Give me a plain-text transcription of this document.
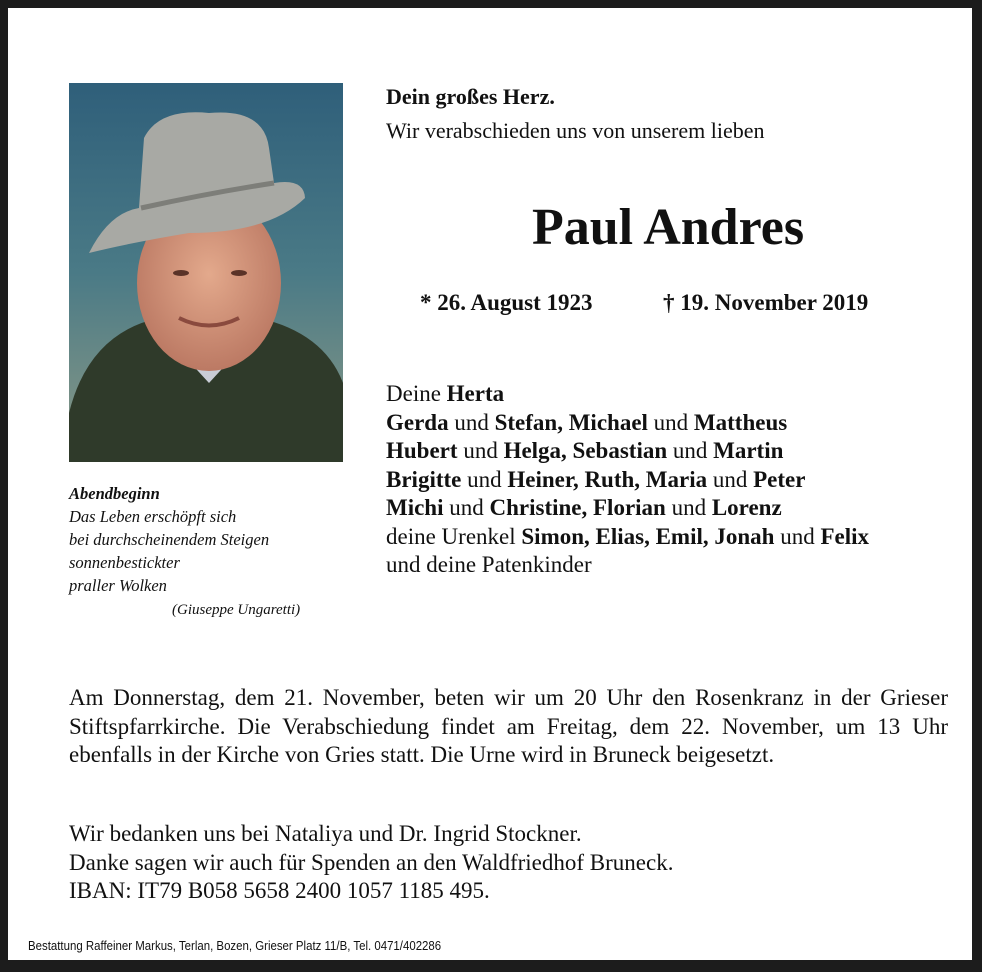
Dein großes Herz.
Wir verabschieden uns von unserem lieben
Paul Andres
* 26. August 1923	† 19. November 2019
Deine Herta
Gerda und Stefan, Michael und Mattheus
Hubert und Helga, Sebastian und Martin
Brigitte und Heiner, Ruth, Maria und Peter
Michi und Christine, Florian und Lorenz
deine Urenkel Simon, Elias, Emil, Jonah und Felix
und deine Patenkinder
Abendbeginn
Das Leben erschöpft sich
bei durchscheinendem Steigen
sonnenbestickter
praller Wolken
(Giuseppe Ungaretti)
Am Donnerstag, dem 21. November, beten wir um 20 Uhr den Rosenkranz in der Grieser Stiftspfarrkirche. Die Verabschiedung findet am Freitag, dem 22. November, um 13 Uhr ebenfalls in der Kirche von Gries statt. Die Urne wird in Bruneck beigesetzt.
Wir bedanken uns bei Nataliya und Dr. Ingrid Stockner.
Danke sagen wir auch für Spenden an den Waldfriedhof Bruneck.
IBAN: IT79 B058 5658 2400 1057 1185 495.
Bestattung Raffeiner Markus, Terlan, Bozen, Grieser Platz 11/B, Tel. 0471/402286
